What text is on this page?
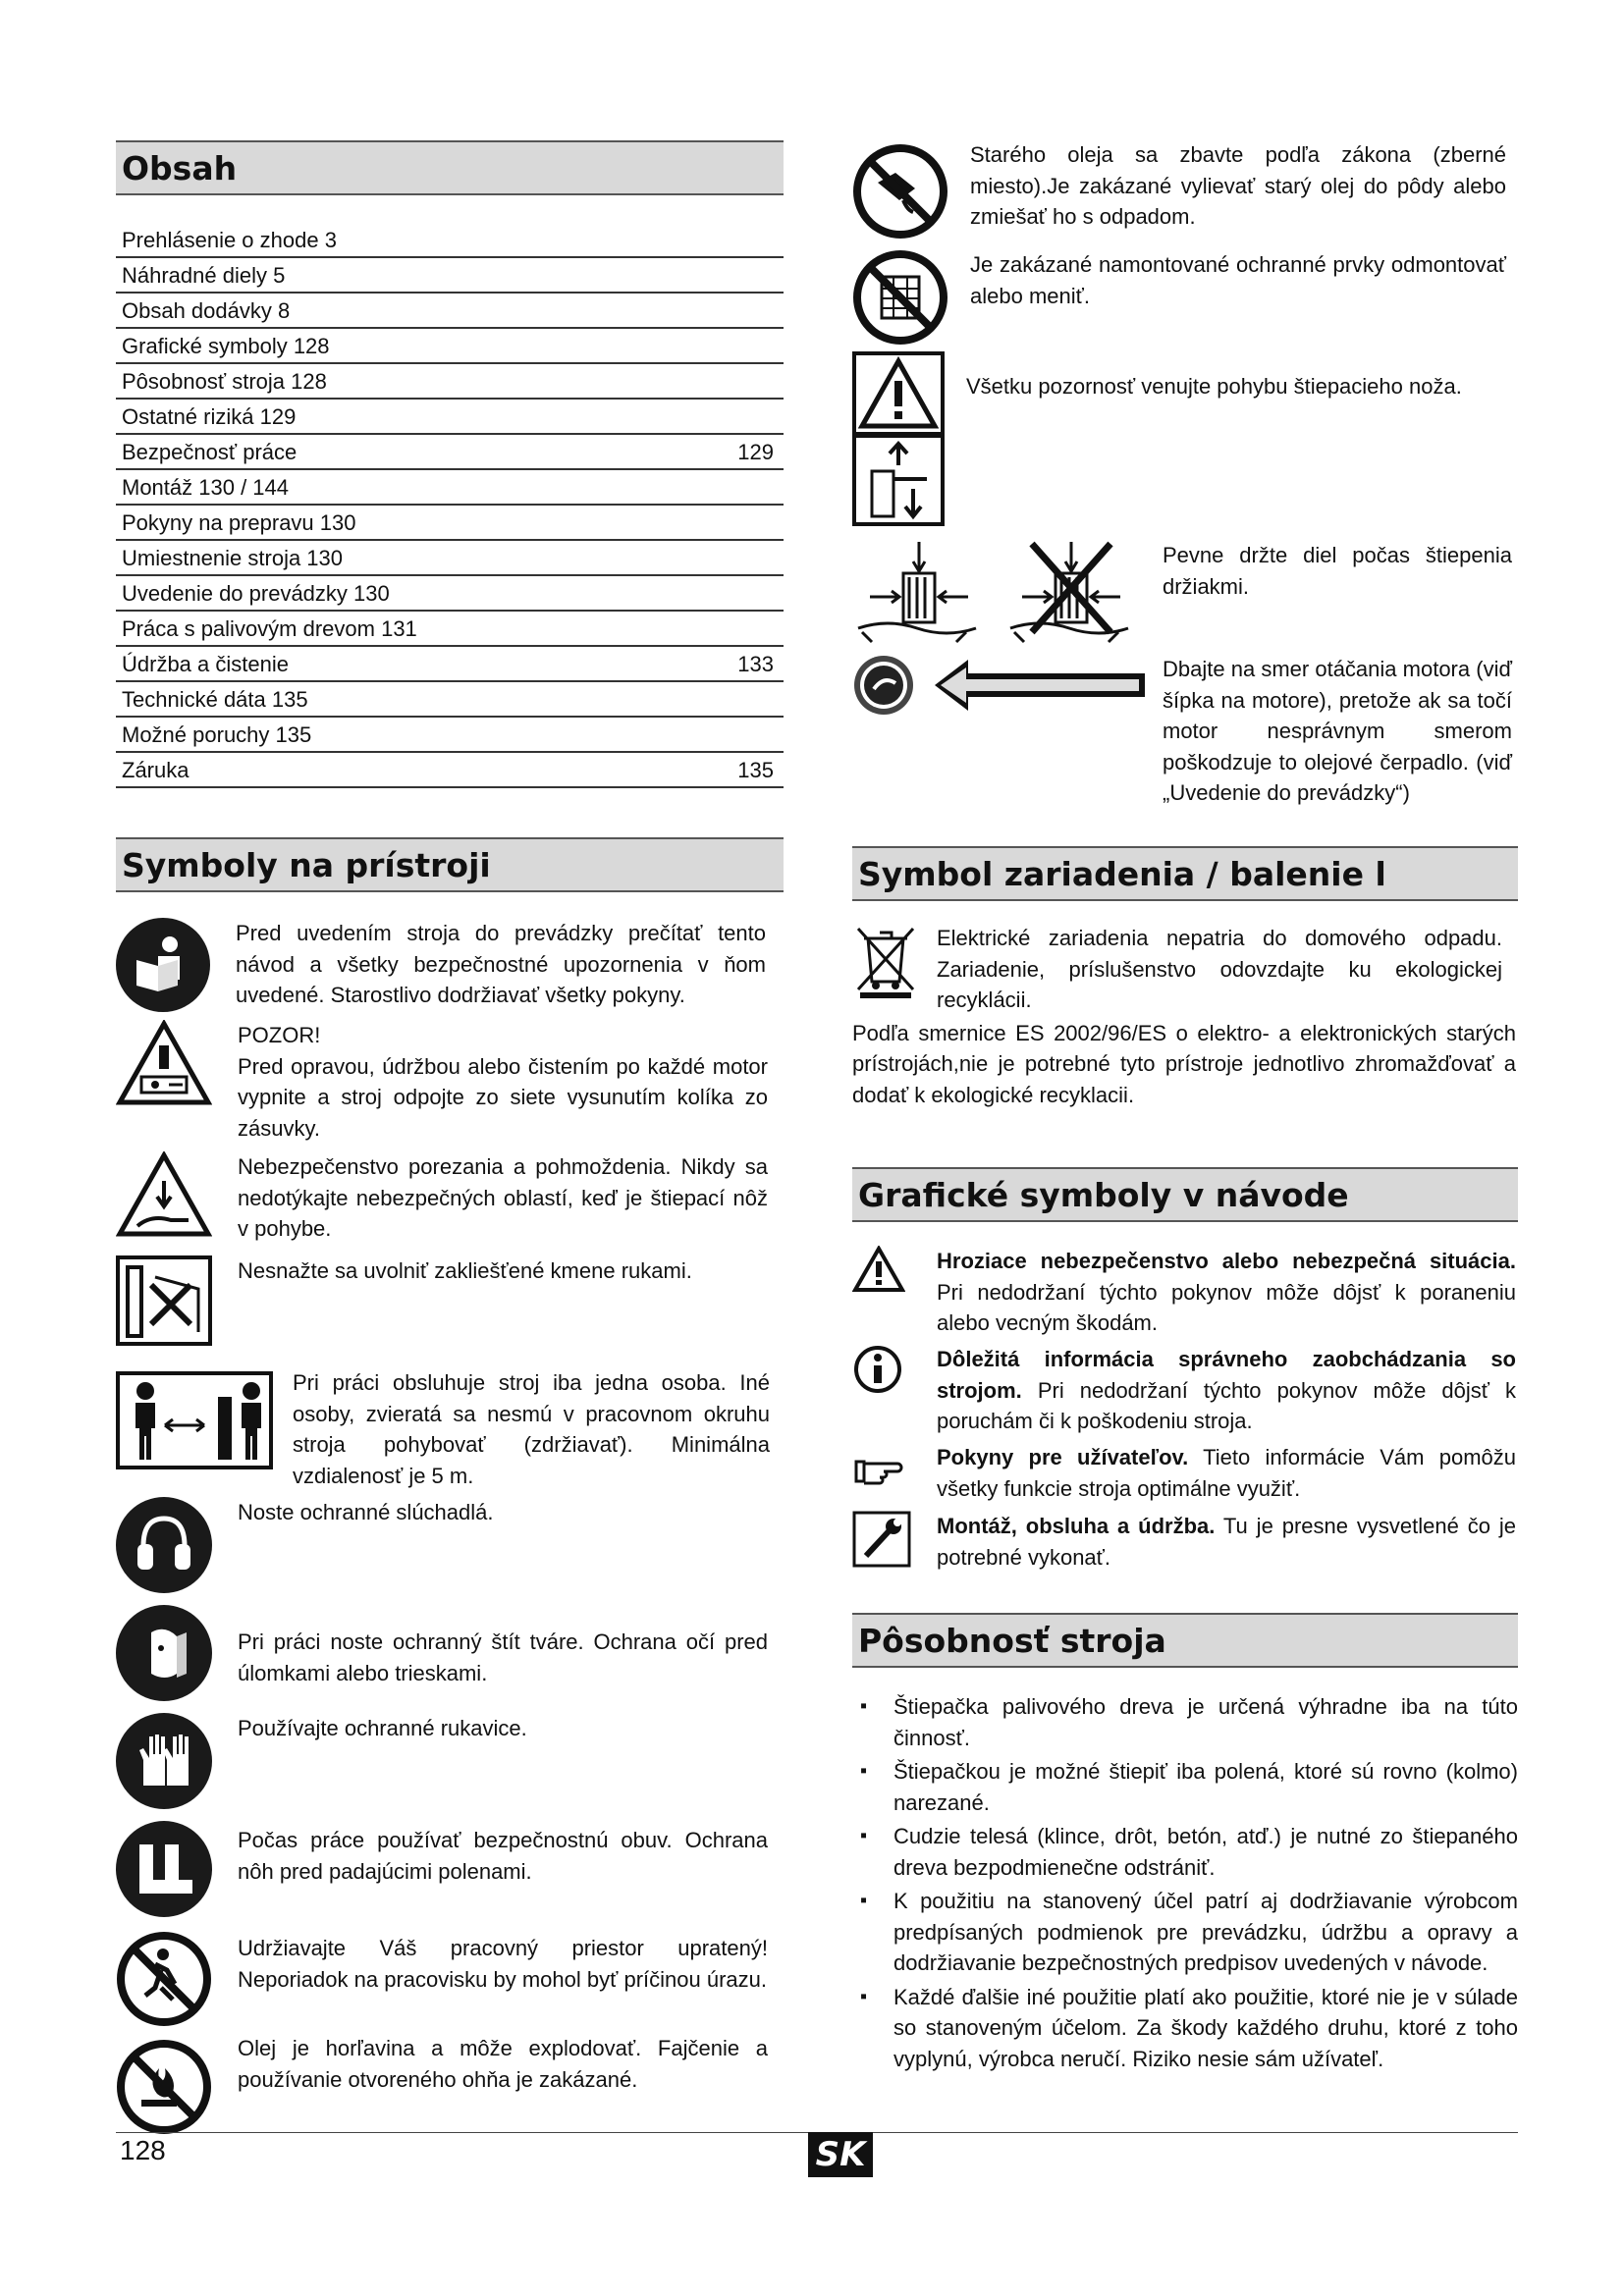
Obsah
Prehlásenie o zhode 3
Náhradné diely 5
Obsah dodávky 8
Grafické symboly 128
Pôsobnosť stroja 128
Ostatné riziká 129
Bezpečnosť práce	129
Montáž 130 / 144
Pokyny na prepravu 130
Umiestnenie stroja 130
Uvedenie do prevádzky 130
Práca s palivovým drevom 131
Údržba a čistenie	133
Technické dáta 135
Možné poruchy 135
Záruka	135
Symboly na prístroji
Pred uvedením stroja do prevádzky prečítať tento návod a všetky bezpečnostné upozornenia v ňom uvedené. Starostlivo dodržiavať všetky pokyny.
POZOR!
Pred opravou, údržbou alebo čistením po každé motor vypnite a stroj odpojte zo siete vysunutím kolíka zo zásuvky.
Nebezpečenstvo porezania a pohmoždenia. Nikdy sa nedotýkajte nebezpečných oblastí, keď je štiepací nôž v pohybe.
Nesnažte sa uvolniť zakliešťené kmene rukami.
Pri práci obsluhuje stroj iba jedna osoba. Iné osoby, zvieratá sa nesmú v pracovnom okruhu stroja pohybovať (zdržiavať). Minimálna vzdialenosť je 5 m.
Noste ochranné slúchadlá.
Pri práci noste ochranný štít tváre. Ochrana očí pred úlomkami alebo trieskami.
Používajte ochranné rukavice.
Počas práce používať bezpečnostnú obuv. Ochrana nôh pred padajúcimi polenami.
Udržiavajte Váš pracovný priestor upratený! Neporiadok na pracovisku by mohol byť príčinou úrazu.
Olej je horľavina a môže explodovať. Fajčenie a používanie otvoreného ohňa je zakázané.
Starého oleja sa zbavte podľa zákona (zberné miesto).Je zakázané vylievať starý olej do pôdy alebo zmiešať ho s odpadom.
Je zakázané namontované ochranné prvky odmontovať alebo meniť.
Všetku pozornosť venujte pohybu štiepacieho noža.
Pevne držte diel počas štiepenia držiakmi.
Dbajte na smer otáčania motora (viď šípka na motore), pretože ak sa točí motor nesprávnym smerom poškodzuje to olejové čerpadlo. (viď „Uvedenie do prevádzky“)
Symbol zariadenia / balenie l
Elektrické zariadenia nepatria do domového odpadu. Zariadenie, príslušenstvo odovzdajte ku ekologickej recyklácii.
Podľa smernice ES 2002/96/ES o elektro- a elektronických starých prístrojách,nie je potrebné tyto prístroje jednotlivo zhromažďovať a dodať k ekologické recyklacii.
Grafické symboly v návode
Hroziace nebezpečenstvo alebo nebezpečná situácia. Pri nedodržaní týchto pokynov môže dôjsť k poraneniu alebo vecným škodám.
Dôležitá informácia správneho zaobchádzania so strojom. Pri nedodržaní týchto pokynov môže dôjsť k poruchám či k poškodeniu stroja.
Pokyny pre užívateľov. Tieto informácie Vám pomôžu všetky funkcie stroja optimálne využiť.
Montáž, obsluha a údržba. Tu je presne vysvetlené čo je potrebné vykonať.
Pôsobnosť stroja
▪ Štiepačka palivového dreva je určená výhradne iba na túto činnosť.
▪ Štiepačkou je možné štiepiť iba polená, ktoré sú rovno (kolmo) narezané.
▪ Cudzie telesá (klince, drôt, betón, atď.) je nutné zo štiepaného dreva bezpodmienečne odstrániť.
▪ K použitiu na stanovený účel patrí aj dodržiavanie výrobcom predpísaných podmienok pre prevádzku, údržbu a opravy a dodržiavanie bezpečnostných predpisov uvedených v návode.
▪ Každé ďalšie iné použitie platí ako použitie, ktoré nie je v súlade so stanoveným účelom. Za škody každého druhu, ktoré z toho vyplynú, výrobca neručí. Riziko nesie sám užívateľ.
128	SK
